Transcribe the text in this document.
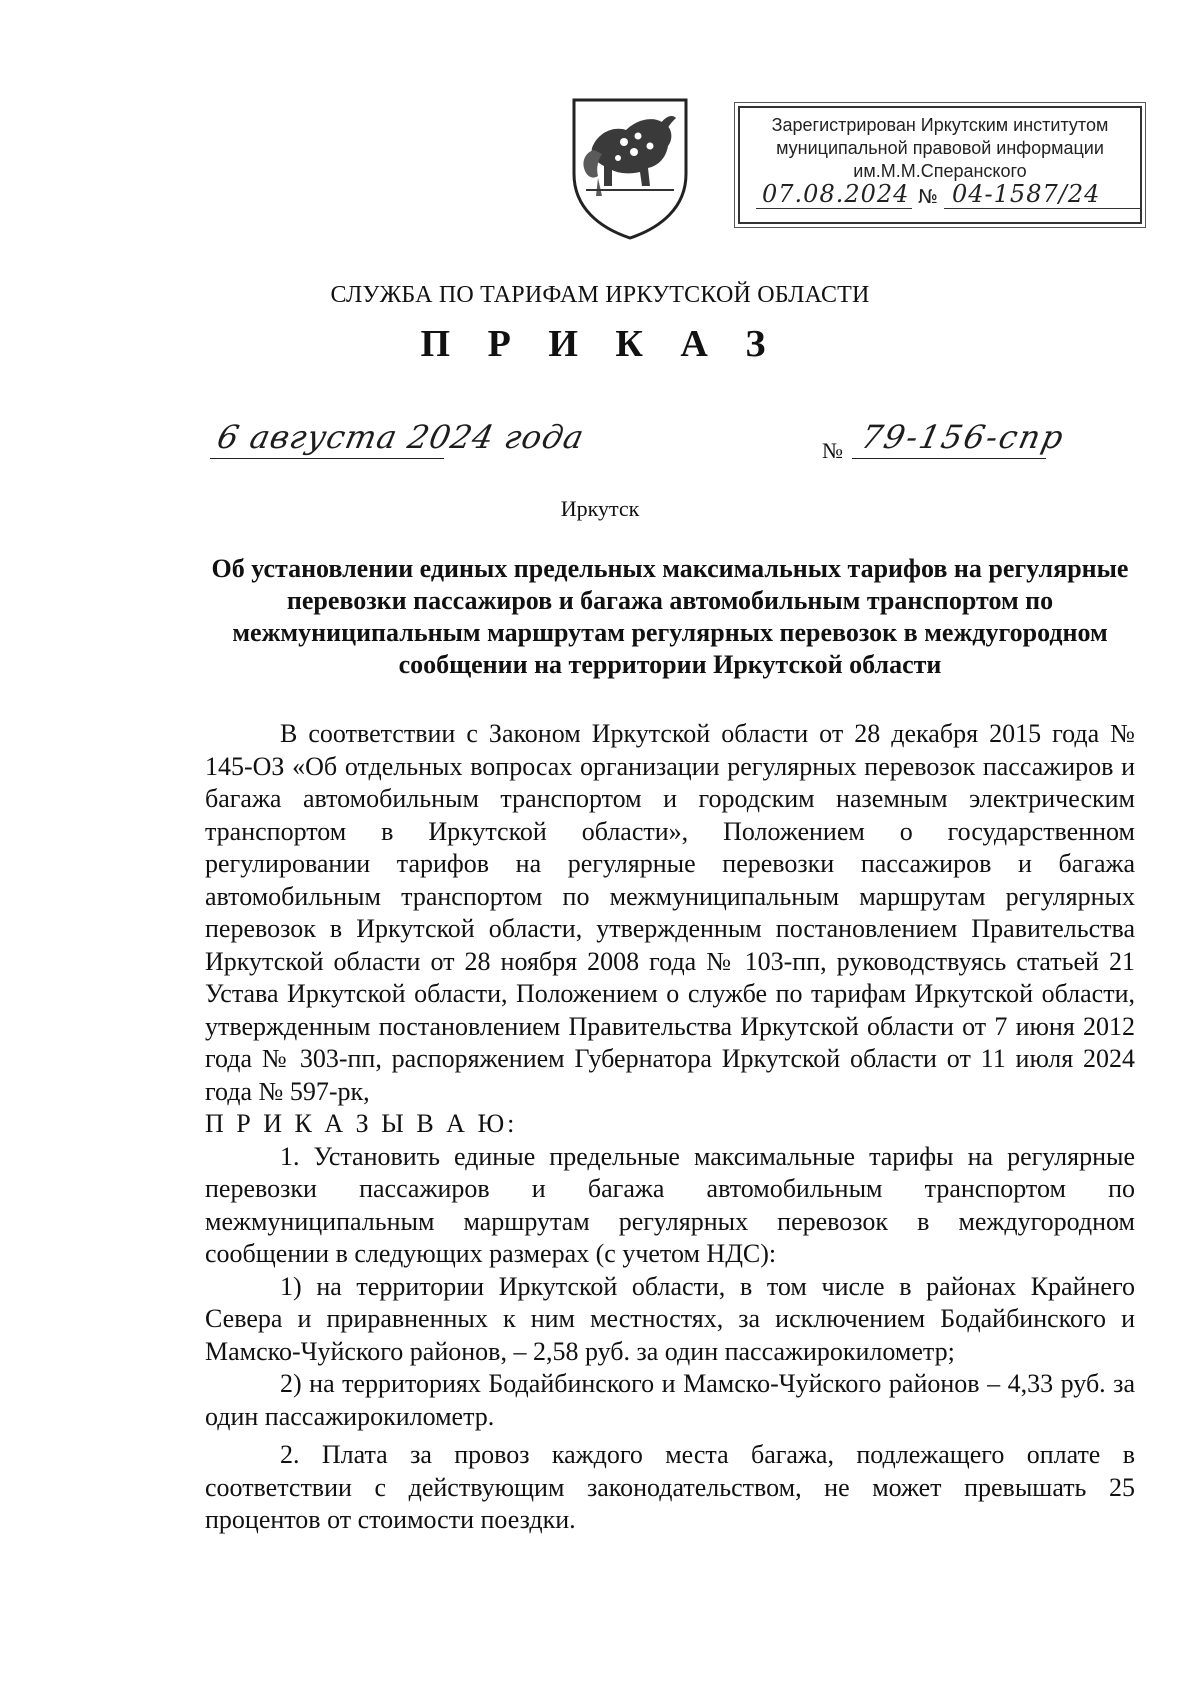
Зарегистрирован Иркутским институтом
муниципальной правовой информации
им.М.М.Сперанского
07.08.2024 № 04-1587/24
СЛУЖБА ПО ТАРИФАМ ИРКУТСКОЙ ОБЛАСТИ
П Р И К А З
6 августа 2024 года	№ 79-156-спр
Иркутск
Об установлении единых предельных максимальных тарифов на регулярные перевозки пассажиров и багажа автомобильным транспортом по межмуниципальным маршрутам регулярных перевозок в междугородном сообщении на территории Иркутской области

В соответствии с Законом Иркутской области от 28 декабря 2015 года № 145-ОЗ «Об отдельных вопросах организации регулярных перевозок пассажиров и багажа автомобильным транспортом и городским наземным электрическим транспортом в Иркутской области», Положением о государственном регулировании тарифов на регулярные перевозки пассажиров и багажа автомобильным транспортом по межмуниципальным маршрутам регулярных перевозок в Иркутской области, утвержденным постановлением Правительства Иркутской области от 28 ноября 2008 года № 103-пп, руководствуясь статьей 21 Устава Иркутской области, Положением о службе по тарифам Иркутской области, утвержденным постановлением Правительства Иркутской области от 7 июня 2012 года № 303-пп, распоряжением Губернатора Иркутской области от 11 июля 2024 года № 597-рк,

П Р И К А З Ы В А Ю:

1. Установить единые предельные максимальные тарифы на регулярные перевозки пассажиров и багажа автомобильным транспортом по межмуниципальным маршрутам регулярных перевозок в междугородном сообщении в следующих размерах (с учетом НДС):

1) на территории Иркутской области, в том числе в районах Крайнего Севера и приравненных к ним местностях, за исключением Бодайбинского и Мамско-Чуйского районов, – 2,58 руб. за один пассажирокилометр;

2) на территориях Бодайбинского и Мамско-Чуйского районов – 4,33 руб. за один пассажирокилометр.

2. Плата за провоз каждого места багажа, подлежащего оплате в соответствии с действующим законодательством, не может превышать 25 процентов от стоимости поездки.
